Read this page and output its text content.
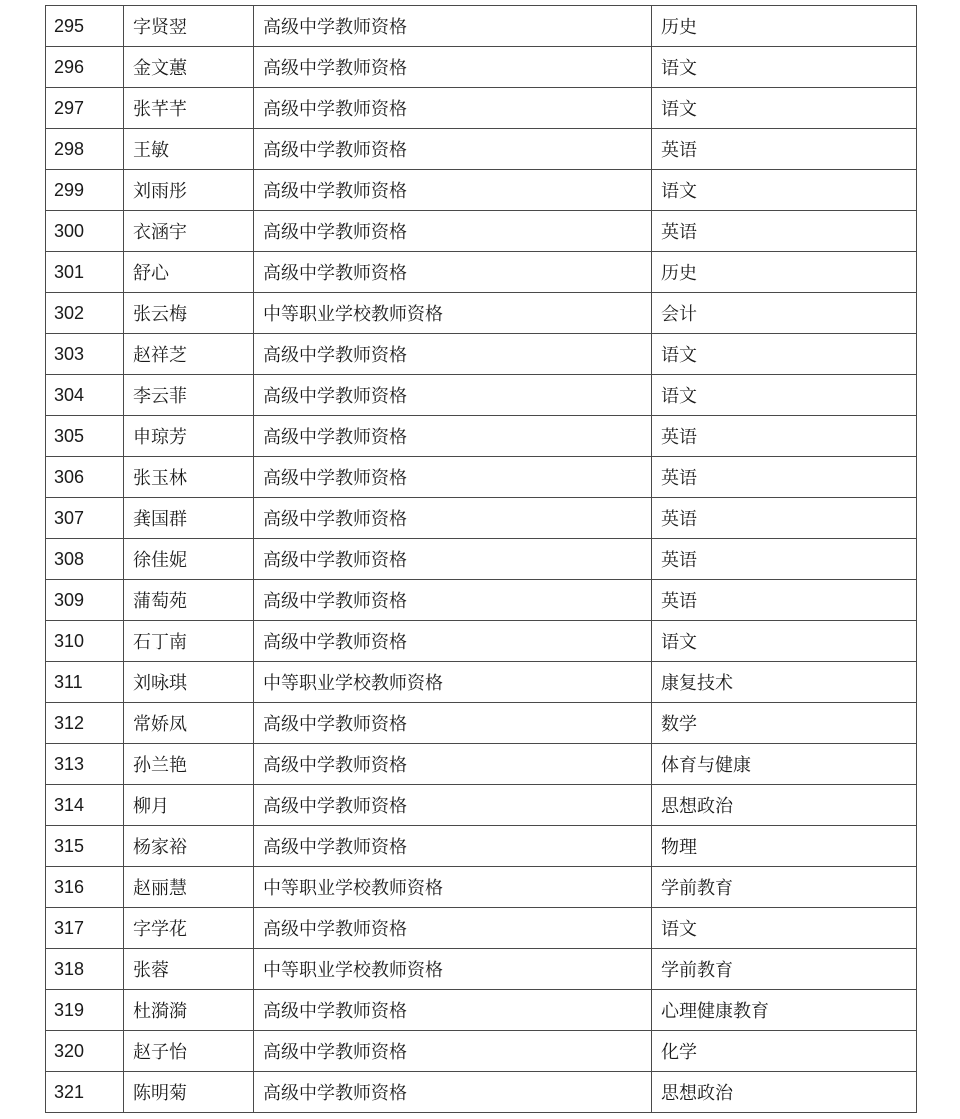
295	字贤翌	高级中学教师资格	历史
296	金文蕙	高级中学教师资格	语文
297	张芊芊	高级中学教师资格	语文
298	王敏	高级中学教师资格	英语
299	刘雨彤	高级中学教师资格	语文
300	衣涵宇	高级中学教师资格	英语
301	舒心	高级中学教师资格	历史
302	张云梅	中等职业学校教师资格	会计
303	赵祥芝	高级中学教师资格	语文
304	李云菲	高级中学教师资格	语文
305	申琼芳	高级中学教师资格	英语
306	张玉林	高级中学教师资格	英语
307	龚国群	高级中学教师资格	英语
308	徐佳妮	高级中学教师资格	英语
309	蒲萄苑	高级中学教师资格	英语
310	石丁南	高级中学教师资格	语文
311	刘咏琪	中等职业学校教师资格	康复技术
312	常娇凤	高级中学教师资格	数学
313	孙兰艳	高级中学教师资格	体育与健康
314	柳月	高级中学教师资格	思想政治
315	杨家裕	高级中学教师资格	物理
316	赵丽慧	中等职业学校教师资格	学前教育
317	字学花	高级中学教师资格	语文
318	张蓉	中等职业学校教师资格	学前教育
319	杜漪漪	高级中学教师资格	心理健康教育
320	赵子怡	高级中学教师资格	化学
321	陈明菊	高级中学教师资格	思想政治
